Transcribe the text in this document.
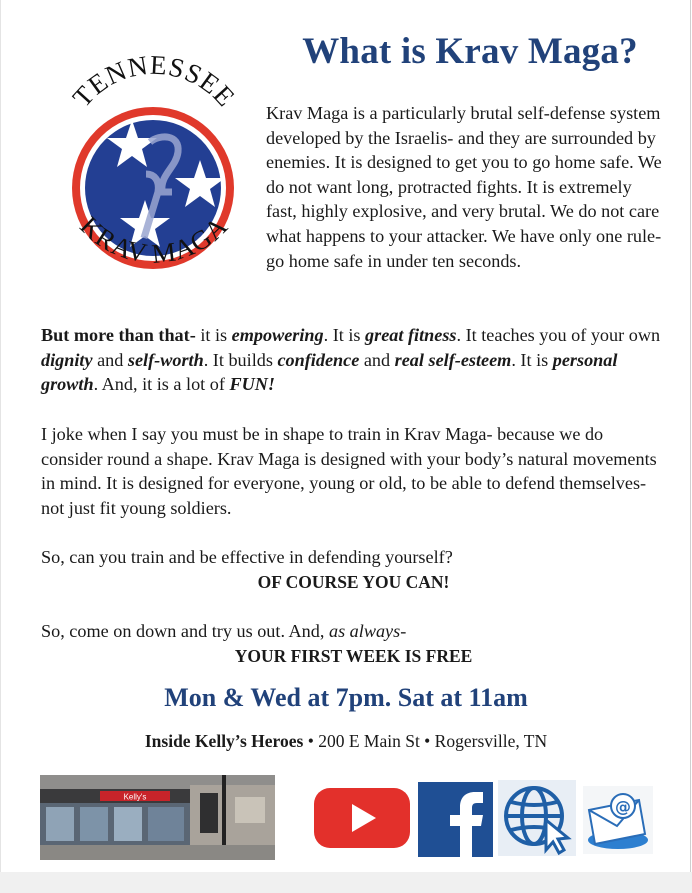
TENNESSEE
KRAV MAGA
What is Krav Maga?

Krav Maga is a particularly brutal self-defense system developed by the Israelis- and they are surrounded by enemies. It is designed to get you to go home safe. We do not want long, protracted fights. It is extremely fast, highly explosive, and very brutal. We do not care what happens to your attacker. We have only one rule- go home safe in under ten seconds.

But more than that- it is empowering. It is great fitness. It teaches you of your own dignity and self-worth. It builds confidence and real self-esteem. It is personal growth. And, it is a lot of FUN!

I joke when I say you must be in shape to train in Krav Maga- because we do consider round a shape. Krav Maga is designed with your body’s natural movements in mind. It is designed for everyone, young or old, to be able to defend themselves- not just fit young soldiers.

So, can you train and be effective in defending yourself?
OF COURSE YOU CAN!

So, come on down and try us out. And, as always-
YOUR FIRST WEEK IS FREE

Mon & Wed at 7pm. Sat at 11am

Inside Kelly’s Heroes • 200 E Main St • Rogersville, TN

Kelly's	@
